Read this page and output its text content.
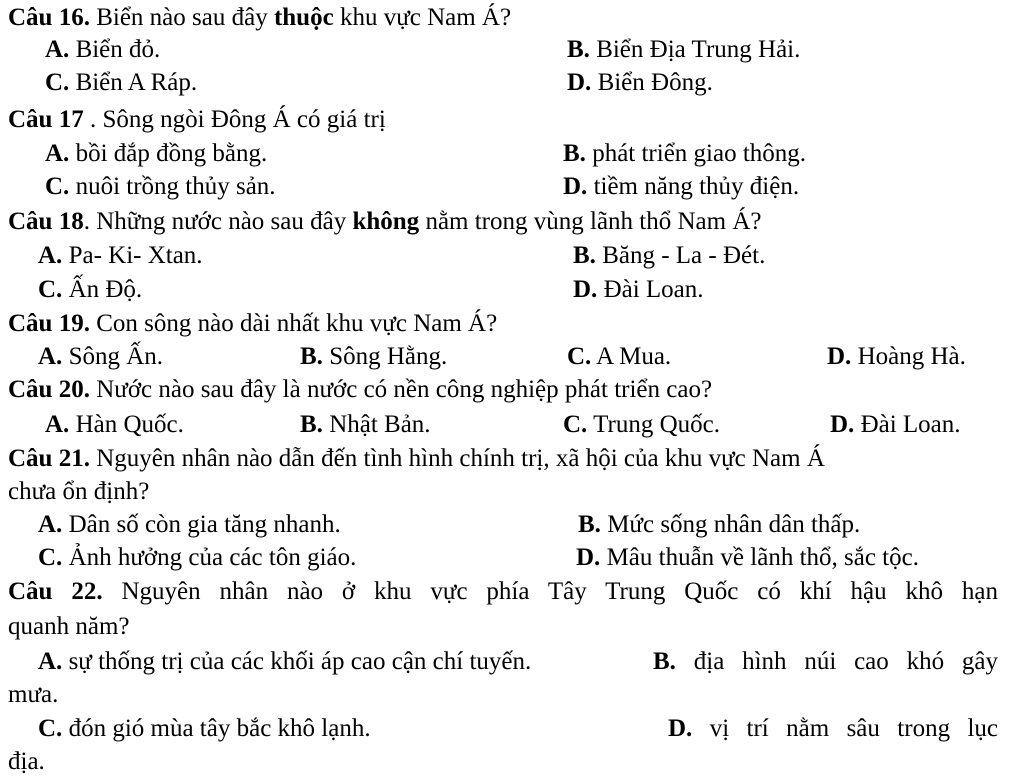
Câu 16. Biển nào sau đây thuộc khu vực Nam Á?
A. Biển đỏ.	B. Biển Địa Trung Hải.
C. Biển A Ráp.	D. Biển Đông.
Câu 17 . Sông ngòi Đông Á có giá trị
A. bồi đắp đồng bằng.	B. phát triển giao thông.
C. nuôi trồng thủy sản.	D. tiềm năng thủy điện.
Câu 18. Những nước nào sau đây không nằm trong vùng lãnh thổ Nam Á?
A. Pa- Ki- Xtan.	B. Băng - La - Đét.
C. Ấn Độ.	D. Đài Loan.
Câu 19. Con sông nào dài nhất khu vực Nam Á?
A. Sông Ấn.	B. Sông Hằng.	C. A Mua.	D. Hoàng Hà.
Câu 20. Nước nào sau đây là nước có nền công nghiệp phát triển cao?
A. Hàn Quốc.	B. Nhật Bản.	C. Trung Quốc.	D. Đài Loan.
Câu 21. Nguyên nhân nào dẫn đến tình hình chính trị, xã hội của khu vực Nam Á
chưa ổn định?
A. Dân số còn gia tăng nhanh.	B. Mức sống nhân dân thấp.
C. Ảnh hưởng của các tôn giáo.	D. Mâu thuẫn về lãnh thổ, sắc tộc.
Câu 22. Nguyên nhân nào ở khu vực phía Tây Trung Quốc có khí hậu khô hạn
quanh năm?
A. sự thống trị của các khối áp cao cận chí tuyến.	B. địa hình núi cao khó gây
mưa.
C. đón gió mùa tây bắc khô lạnh.	D. vị trí nằm sâu trong lục
địa.
